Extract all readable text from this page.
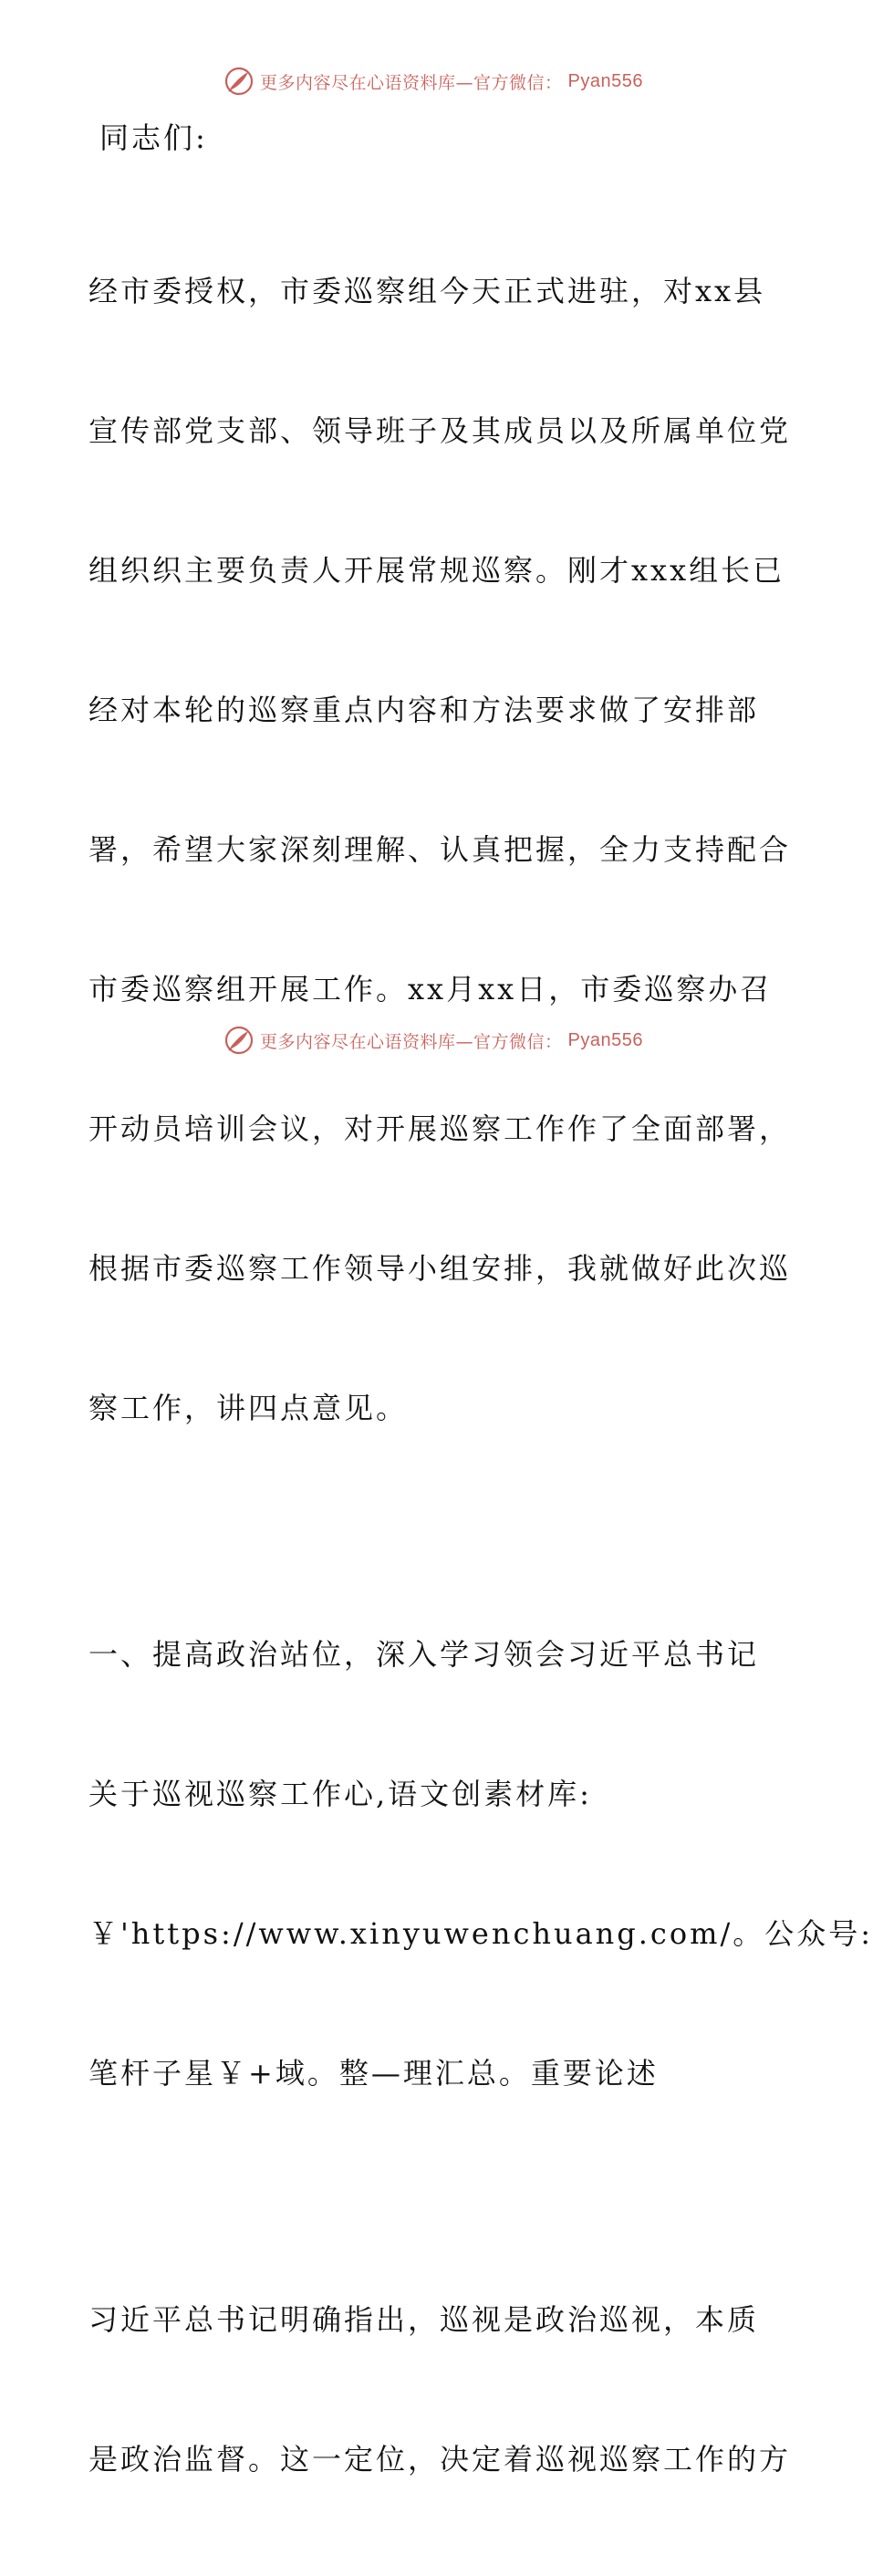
更多内容尽在心语资料库—官方微信： Pyan556

同志们:

经市委授权，市委巡察组今天正式进驻，对xx县

宣传部党支部、领导班子及其成员以及所属单位党

组织织主要负责人开展常规巡察。刚才xxx组长已

经对本轮的巡察重点内容和方法要求做了安排部

署，希望大家深刻理解、认真把握，全力支持配合

市委巡察组开展工作。xx月xx日，市委巡察办召

开动员培训会议，对开展巡察工作作了全面部署，

根据市委巡察工作领导小组安排，我就做好此次巡

察工作，讲四点意见。

一、提高政治站位，深入学习领会习近平总书记

关于巡视巡察工作心,语文创素材库:

￥'https://www.xinyuwenchuang.com/。公众号:

笔杆子星￥+域。整—理汇总。重要论述

习近平总书记明确指出，巡视是政治巡视，本质

是政治监督。这一定位，决定着巡视巡察工作的方

更多内容尽在心语资料库—官方微信： Pyan556
